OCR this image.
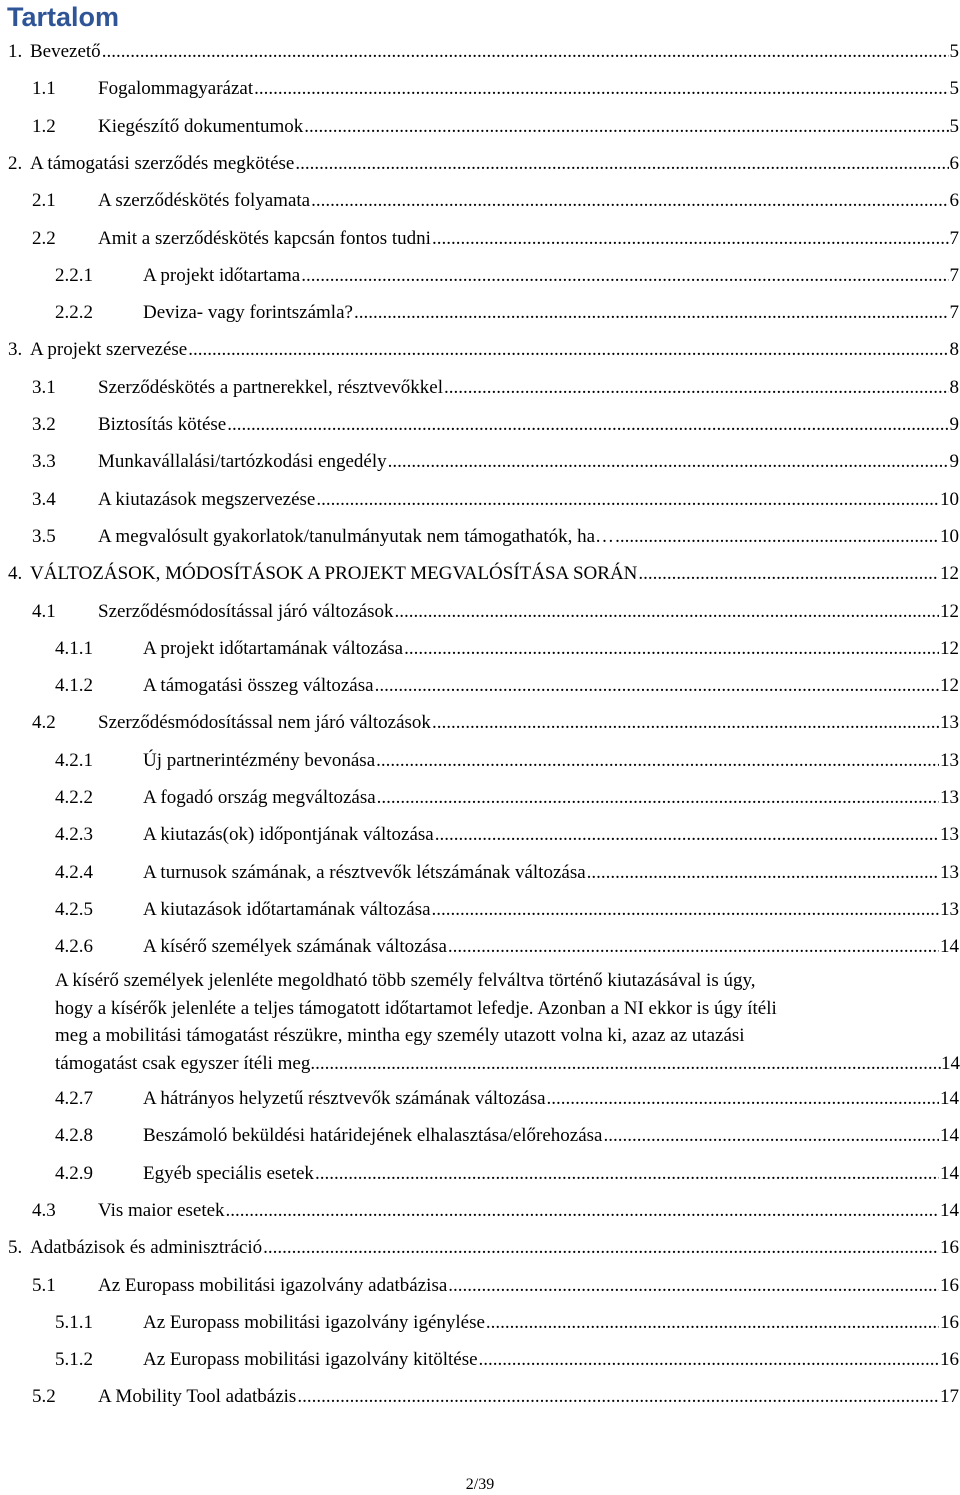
Tartalom
1. Bevezető .....	5
1.1 Fogalommagyarázat .....	5
1.2 Kiegészítő dokumentumok .....	5
2. A támogatási szerződés megkötése .....	6
2.1 A szerződéskötés folyamata .....	6
2.2 Amit a szerződéskötés kapcsán fontos tudni .....	7
2.2.1	A projekt időtartama .....	7
2.2.2	Deviza- vagy forintszámla? .....	7
3. A projekt szervezése .....	8
3.1 Szerződéskötés a partnerekkel, résztvevőkkel .....	8
3.2 Biztosítás kötése .....	9
3.3 Munkavállalási/tartózkodási engedély .....	9
3.4 A kiutazások megszervezése .....	10
3.5 A megvalósult gyakorlatok/tanulmányutak nem támogathatók, ha… .....	10
4. VÁLTOZÁSOK, MÓDOSÍTÁSOK A PROJEKT MEGVALÓSÍTÁSA SORÁN .....	12
4.1 Szerződésmódosítással járó változások .....	12
4.1.1	A projekt időtartamának változása .....	12
4.1.2	A támogatási összeg változása .....	12
4.2 Szerződésmódosítással nem járó változások .....	13
4.2.1	Új partnerintézmény bevonása .....	13
4.2.2	A fogadó ország megváltozása .....	13
4.2.3	A kiutazás(ok) időpontjának változása .....	13
4.2.4	A turnusok számának, a résztvevők létszámának változása .....	13
4.2.5	A kiutazások időtartamának változása .....	13
4.2.6	A kísérő személyek számának változása .....	14
4.2.7	A hátrányos helyzetű résztvevők számának változása .....	14
4.2.8	Beszámoló beküldési határidejének elhalasztása/előrehozása .....	14
4.2.9	Egyéb speciális esetek .....	14
4.3 Vis maior esetek .....	14
5. Adatbázisok és adminisztráció .....	16
5.1 Az Europass mobilitási igazolvány adatbázisa .....	16
5.1.1	Az Europass mobilitási igazolvány igénylése .....	16
5.1.2	Az Europass mobilitási igazolvány kitöltése .....	16
5.2 A Mobility Tool adatbázis .....	17
A kísérő személyek jelenléte megoldható több személy felváltva történő kiutazásával is úgy,
hogy a kísérők jelenléte a teljes támogatott időtartamot lefedje. Azonban a NI ekkor is úgy ítéli
meg a mobilitási támogatást részükre, mintha egy személy utazott volna ki, azaz az utazási
támogatást csak egyszer ítéli meg. .....	14
2/39
